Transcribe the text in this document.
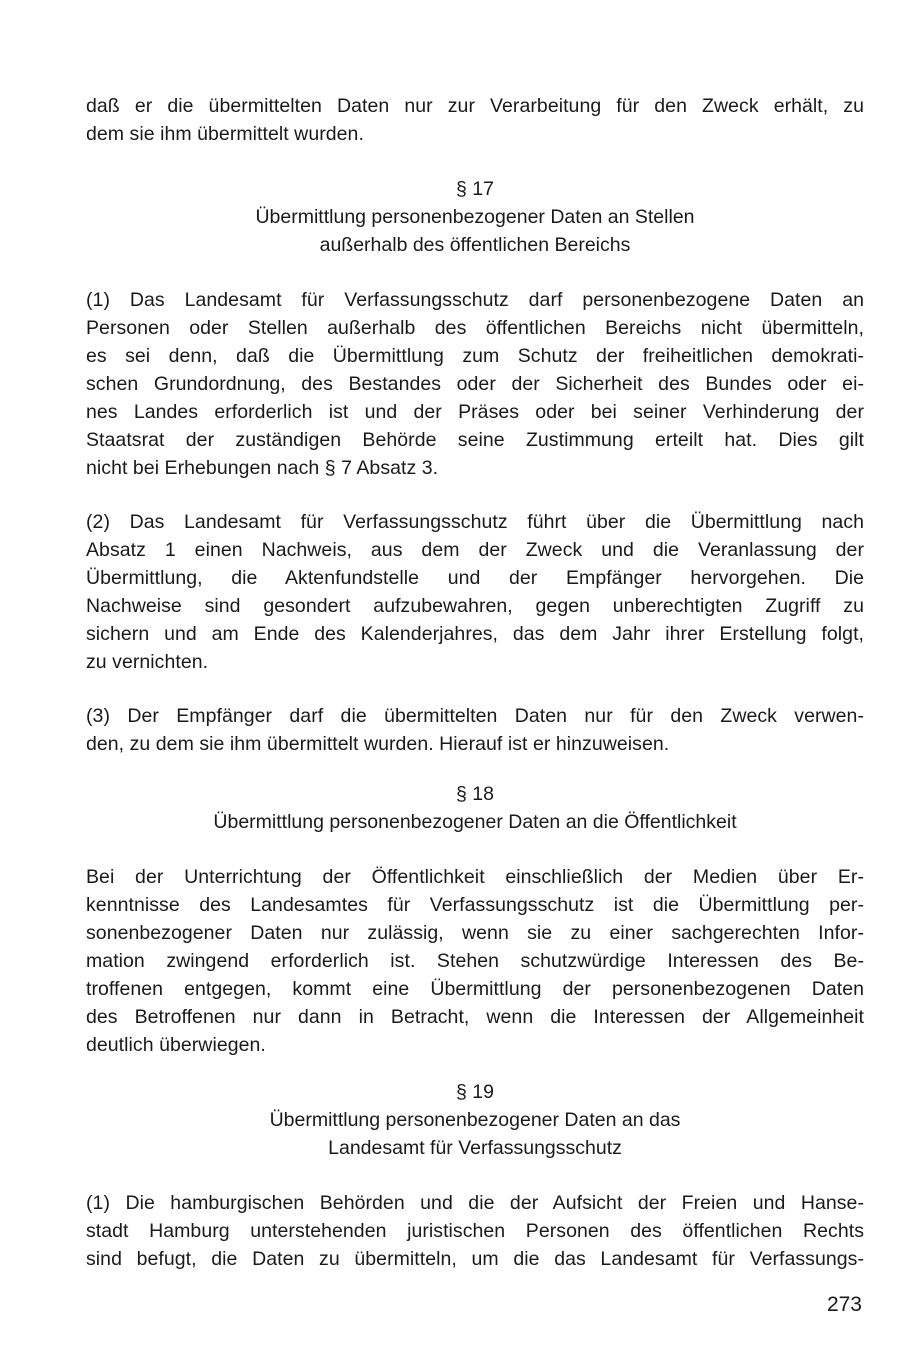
daß er die übermittelten Daten nur zur Verarbeitung für den Zweck erhält, zu
dem sie ihm übermittelt wurden.
§ 17
Übermittlung personenbezogener Daten an Stellen
außerhalb des öffentlichen Bereichs
(1) Das Landesamt für Verfassungsschutz darf personenbezogene Daten an
Personen oder Stellen außerhalb des öffentlichen Bereichs nicht übermitteln,
es sei denn, daß die Übermittlung zum Schutz der freiheitlichen demokrati-
schen Grundordnung, des Bestandes oder der Sicherheit des Bundes oder ei-
nes Landes erforderlich ist und der Präses oder bei seiner Verhinderung der
Staatsrat der zuständigen Behörde seine Zustimmung erteilt hat. Dies gilt
nicht bei Erhebungen nach § 7 Absatz 3.
(2) Das Landesamt für Verfassungsschutz führt über die Übermittlung nach
Absatz 1 einen Nachweis, aus dem der Zweck und die Veranlassung der
Übermittlung, die Aktenfundstelle und der Empfänger hervorgehen. Die
Nachweise sind gesondert aufzubewahren, gegen unberechtigten Zugriff zu
sichern und am Ende des Kalenderjahres, das dem Jahr ihrer Erstellung folgt,
zu vernichten.
(3) Der Empfänger darf die übermittelten Daten nur für den Zweck verwen-
den, zu dem sie ihm übermittelt wurden. Hierauf ist er hinzuweisen.
§ 18
Übermittlung personenbezogener Daten an die Öffentlichkeit
Bei der Unterrichtung der Öffentlichkeit einschließlich der Medien über Er-
kenntnisse des Landesamtes für Verfassungsschutz ist die Übermittlung per-
sonenbezogener Daten nur zulässig, wenn sie zu einer sachgerechten Infor-
mation zwingend erforderlich ist. Stehen schutzwürdige Interessen des Be-
troffenen entgegen, kommt eine Übermittlung der personenbezogenen Daten
des Betroffenen nur dann in Betracht, wenn die Interessen der Allgemeinheit
deutlich überwiegen.
§ 19
Übermittlung personenbezogener Daten an das
Landesamt für Verfassungsschutz
(1) Die hamburgischen Behörden und die der Aufsicht der Freien und Hanse-
stadt Hamburg unterstehenden juristischen Personen des öffentlichen Rechts
sind befugt, die Daten zu übermitteln, um die das Landesamt für Verfassungs-
273
